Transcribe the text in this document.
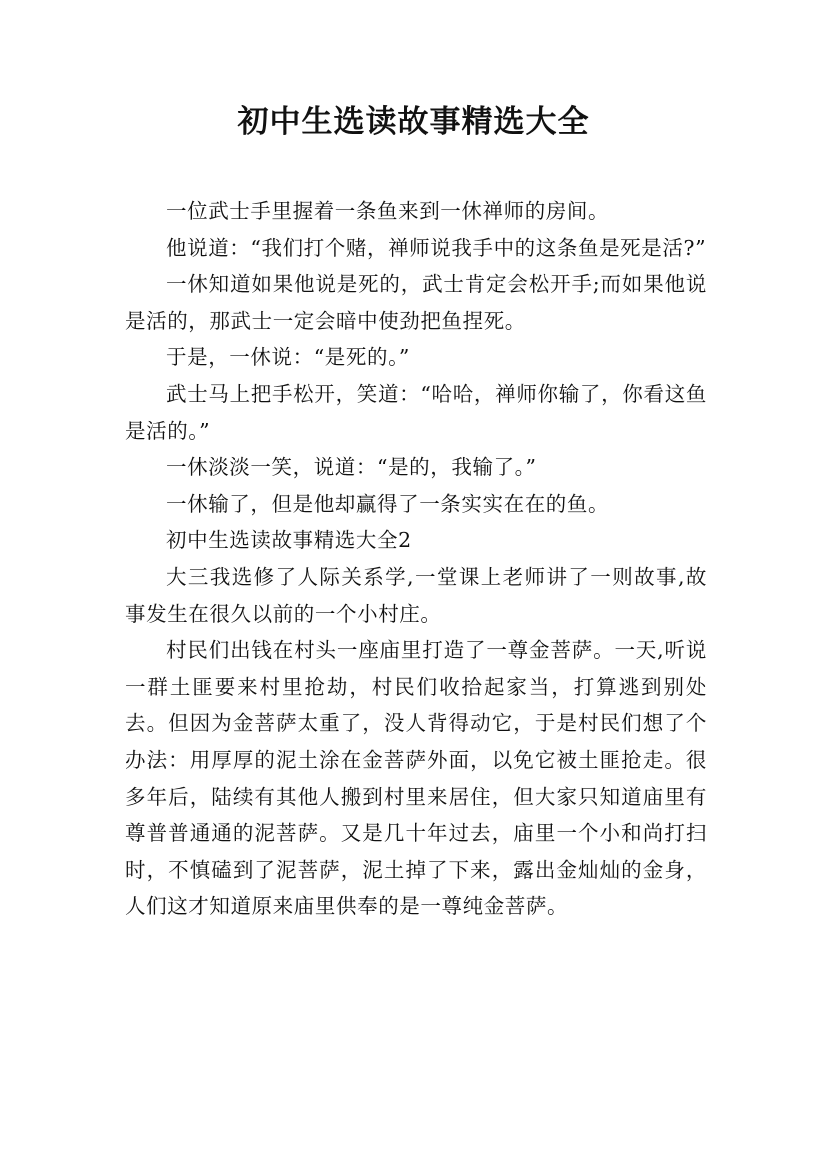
初中生选读故事精选大全

一位武士手里握着一条鱼来到一休禅师的房间。

他说道：“我们打个赌，禅师说我手中的这条鱼是死是活?”

一休知道如果他说是死的，武士肯定会松开手;而如果他说是活的，那武士一定会暗中使劲把鱼捏死。

于是，一休说：“是死的。”

武士马上把手松开，笑道：“哈哈，禅师你输了，你看这鱼是活的。”

一休淡淡一笑，说道：“是的，我输了。”

一休输了，但是他却赢得了一条实实在在的鱼。

初中生选读故事精选大全2

大三我选修了人际关系学,一堂课上老师讲了一则故事,故事发生在很久以前的一个小村庄。

村民们出钱在村头一座庙里打造了一尊金菩萨。一天,听说一群土匪要来村里抢劫，村民们收拾起家当，打算逃到别处去。但因为金菩萨太重了，没人背得动它，于是村民们想了个办法：用厚厚的泥土涂在金菩萨外面，以免它被土匪抢走。很多年后，陆续有其他人搬到村里来居住，但大家只知道庙里有尊普普通通的泥菩萨。又是几十年过去，庙里一个小和尚打扫时，不慎磕到了泥菩萨，泥土掉了下来，露出金灿灿的金身，人们这才知道原来庙里供奉的是一尊纯金菩萨。
